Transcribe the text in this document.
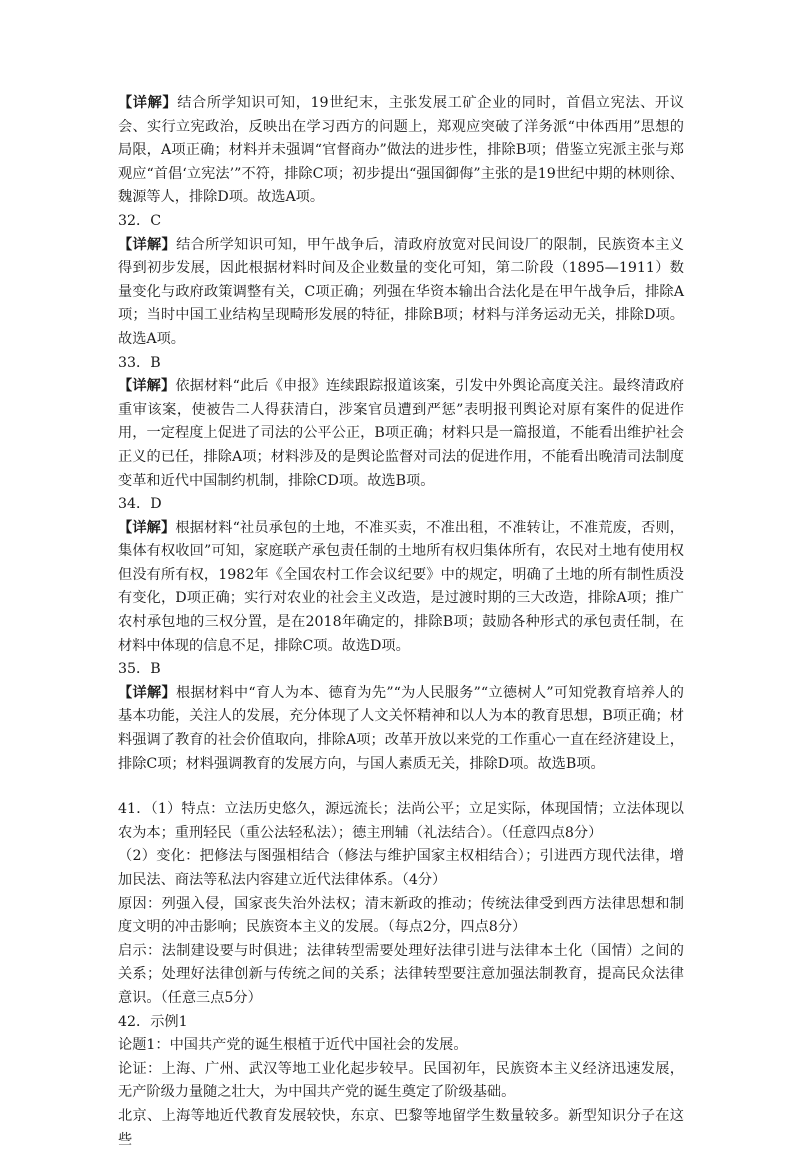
【详解】结合所学知识可知，19世纪末，主张发展工矿企业的同时，首倡立宪法、开议会、实行立宪政治，反映出在学习西方的问题上，郑观应突破了洋务派“中体西用”思想的局限，A项正确；材料并未强调“官督商办”做法的进步性，排除B项；借鉴立宪派主张与郑观应“首倡‘立宪法’”不符，排除C项；初步提出“强国御侮”主张的是19世纪中期的林则徐、魏源等人，排除D项。故选A项。

32．C

【详解】结合所学知识可知，甲午战争后，清政府放宽对民间设厂的限制，民族资本主义得到初步发展，因此根据材料时间及企业数量的变化可知，第二阶段（1895—1911）数量变化与政府政策调整有关，C项正确；列强在华资本输出合法化是在甲午战争后，排除A项；当时中国工业结构呈现畸形发展的特征，排除B项；材料与洋务运动无关，排除D项。故选A项。

33．B

【详解】依据材料“此后《申报》连续跟踪报道该案，引发中外舆论高度关注。最终清政府重审该案，使被告二人得获清白，涉案官员遭到严惩”表明报刊舆论对原有案件的促进作用，一定程度上促进了司法的公平公正，B项正确；材料只是一篇报道，不能看出维护社会正义的已任，排除A项；材料涉及的是舆论监督对司法的促进作用，不能看出晚清司法制度变革和近代中国制约机制，排除CD项。故选B项。

34．D

【详解】根据材料“社员承包的土地，不准买卖，不准出租，不准转让，不准荒废，否则，集体有权收回”可知，家庭联产承包责任制的土地所有权归集体所有，农民对土地有使用权但没有所有权，1982年《全国农村工作会议纪要》中的规定，明确了土地的所有制性质没有变化，D项正确；实行对农业的社会主义改造，是过渡时期的三大改造，排除A项；推广农村承包地的三权分置，是在2018年确定的，排除B项；鼓励各种形式的承包责任制，在材料中体现的信息不足，排除C项。故选D项。

35．B

【详解】根据材料中“育人为本、德育为先”“为人民服务”“立德树人”可知党教育培养人的基本功能，关注人的发展，充分体现了人文关怀精神和以人为本的教育思想，B项正确；材料强调了教育的社会价值取向，排除A项；改革开放以来党的工作重心一直在经济建设上，排除C项；材料强调教育的发展方向，与国人素质无关，排除D项。故选B项。

41．（1）特点：立法历史悠久，源远流长；法尚公平；立足实际，体现国情；立法体现以农为本；重刑轻民（重公法轻私法）；德主刑辅（礼法结合）。（任意四点8分）

（2）变化：把修法与图强相结合（修法与维护国家主权相结合）；引进西方现代法律，增加民法、商法等私法内容建立近代法律体系。（4分）

原因：列强入侵，国家丧失治外法权；清末新政的推动；传统法律受到西方法律思想和制度文明的冲击影响；民族资本主义的发展。（每点2分，四点8分）

启示：法制建设要与时俱进；法律转型需要处理好法律引进与法律本土化（国情）之间的关系；处理好法律创新与传统之间的关系；法律转型要注意加强法制教育，提高民众法律意识。（任意三点5分）

42．示例1

论题1：中国共产党的诞生根植于近代中国社会的发展。

论证：上海、广州、武汉等地工业化起步较早。民国初年，民族资本主义经济迅速发展，无产阶级力量随之壮大，为中国共产党的诞生奠定了阶级基础。

北京、上海等地近代教育发展较快，东京、巴黎等地留学生数量较多。新型知识分子在这些
